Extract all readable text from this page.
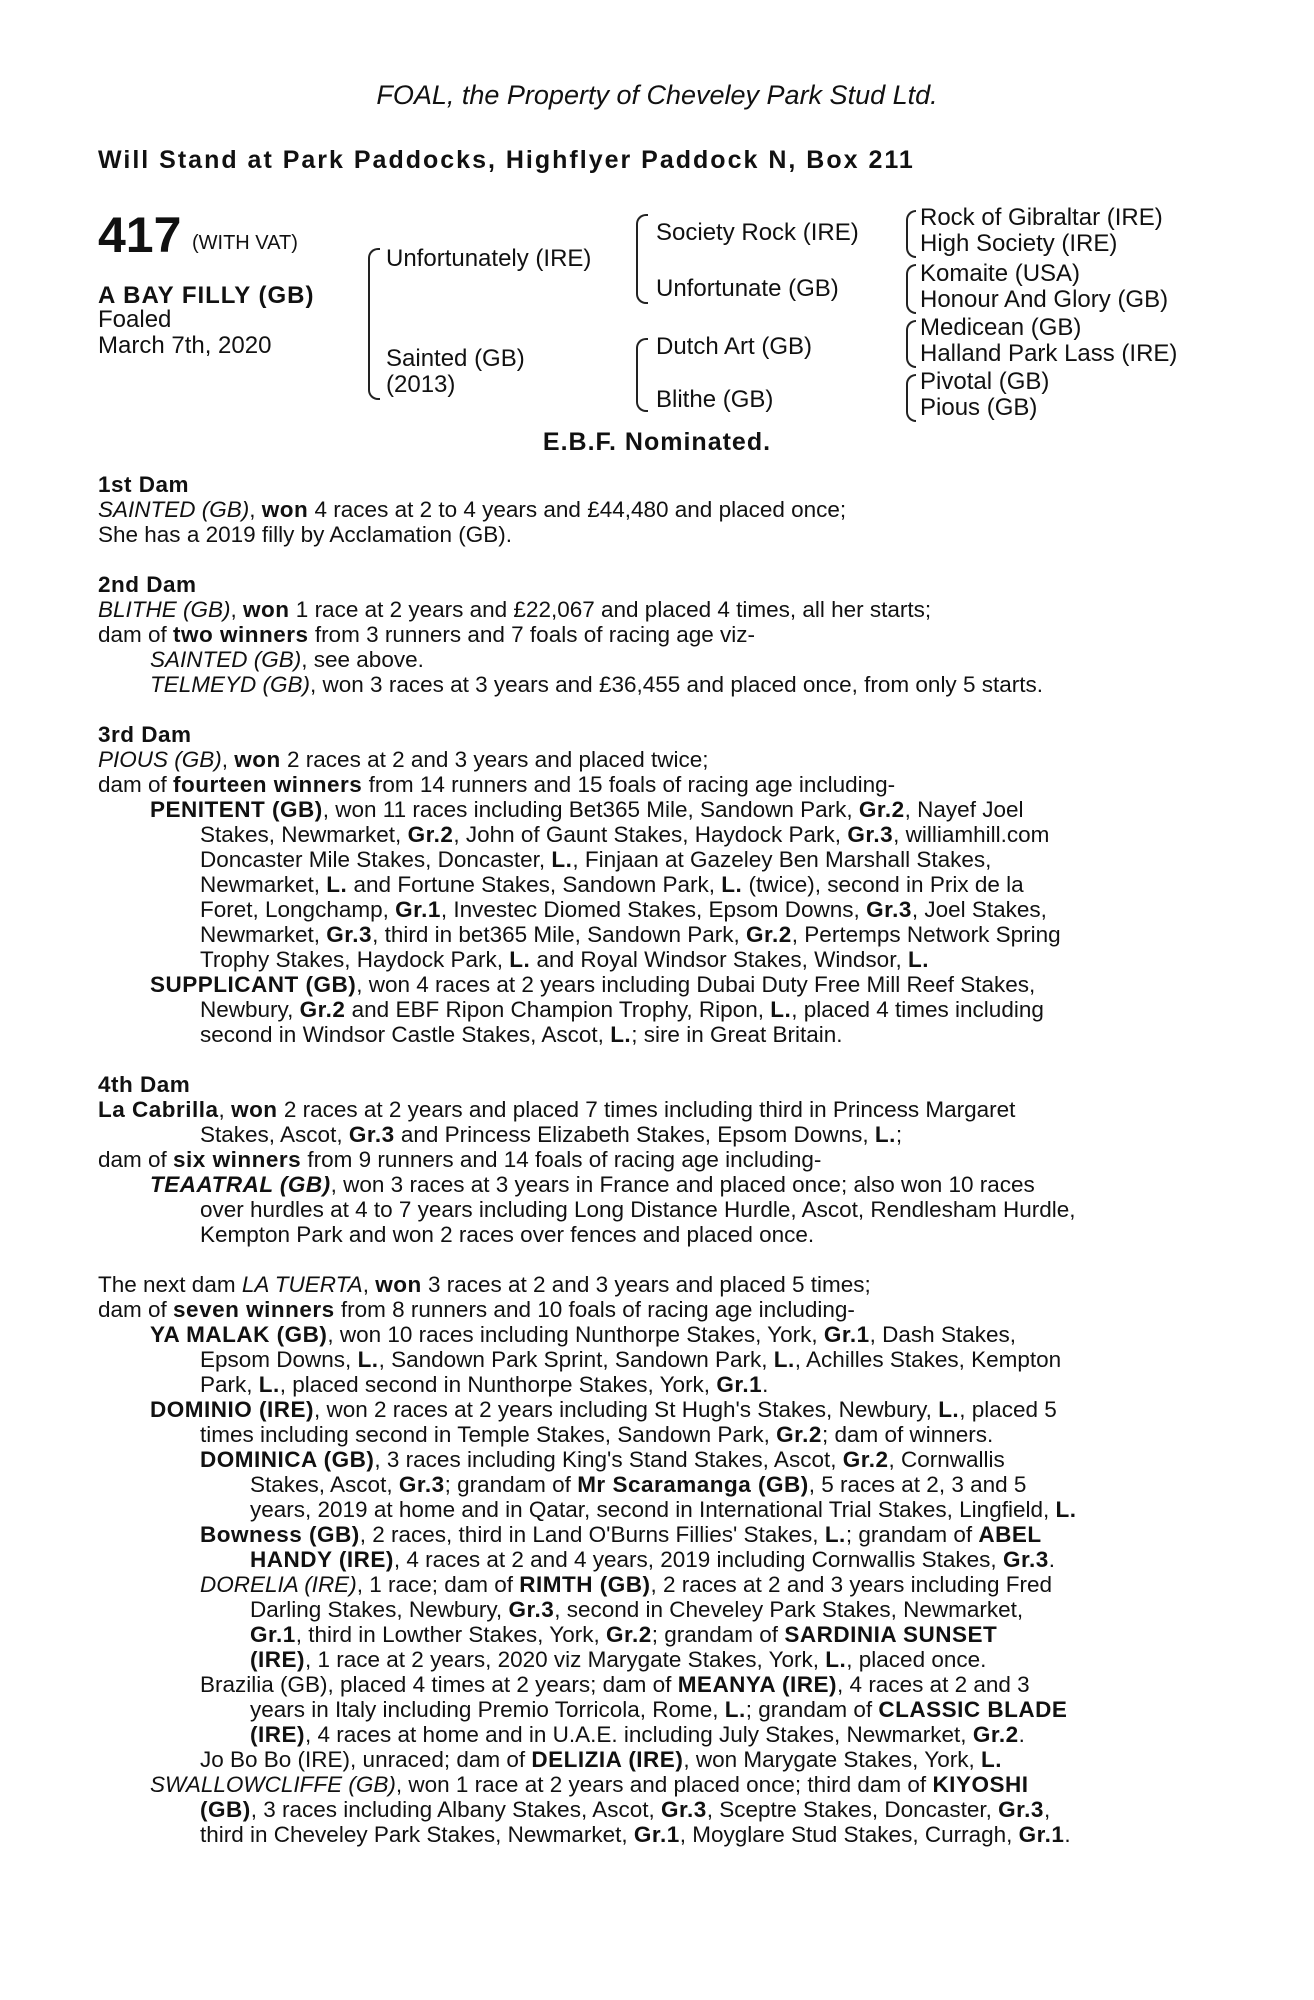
FOAL, the Property of Cheveley Park Stud Ltd.
Will Stand at Park Paddocks, Highflyer Paddock N, Box 211
417 (WITH VAT)
A BAY FILLY (GB)
Foaled
March 7th, 2020
Unfortunately (IRE)
Sainted (GB)
(2013)
Society Rock (IRE)
Unfortunate (GB)
Dutch Art (GB)
Blithe (GB)
Rock of Gibraltar (IRE)
High Society (IRE)
Komaite (USA)
Honour And Glory (GB)
Medicean (GB)
Halland Park Lass (IRE)
Pivotal (GB)
Pious (GB)
E.B.F. Nominated.
1st Dam
SAINTED (GB), won 4 races at 2 to 4 years and £44,480 and placed once;
She has a 2019 filly by Acclamation (GB).
2nd Dam
BLITHE (GB), won 1 race at 2 years and £22,067 and placed 4 times, all her starts;
dam of two winners from 3 runners and 7 foals of racing age viz-
SAINTED (GB), see above.
TELMEYD (GB), won 3 races at 3 years and £36,455 and placed once, from only 5 starts.
3rd Dam
PIOUS (GB), won 2 races at 2 and 3 years and placed twice;
dam of fourteen winners from 14 runners and 15 foals of racing age including-
PENITENT (GB), won 11 races including Bet365 Mile, Sandown Park, Gr.2, Nayef Joel
Stakes, Newmarket, Gr.2, John of Gaunt Stakes, Haydock Park, Gr.3, williamhill.com
Doncaster Mile Stakes, Doncaster, L., Finjaan at Gazeley Ben Marshall Stakes,
Newmarket, L. and Fortune Stakes, Sandown Park, L. (twice), second in Prix de la
Foret, Longchamp, Gr.1, Investec Diomed Stakes, Epsom Downs, Gr.3, Joel Stakes,
Newmarket, Gr.3, third in bet365 Mile, Sandown Park, Gr.2, Pertemps Network Spring
Trophy Stakes, Haydock Park, L. and Royal Windsor Stakes, Windsor, L.
SUPPLICANT (GB), won 4 races at 2 years including Dubai Duty Free Mill Reef Stakes,
Newbury, Gr.2 and EBF Ripon Champion Trophy, Ripon, L., placed 4 times including
second in Windsor Castle Stakes, Ascot, L.; sire in Great Britain.
4th Dam
La Cabrilla, won 2 races at 2 years and placed 7 times including third in Princess Margaret
Stakes, Ascot, Gr.3 and Princess Elizabeth Stakes, Epsom Downs, L.;
dam of six winners from 9 runners and 14 foals of racing age including-
TEAATRAL (GB), won 3 races at 3 years in France and placed once; also won 10 races
over hurdles at 4 to 7 years including Long Distance Hurdle, Ascot, Rendlesham Hurdle,
Kempton Park and won 2 races over fences and placed once.
The next dam LA TUERTA, won 3 races at 2 and 3 years and placed 5 times;
dam of seven winners from 8 runners and 10 foals of racing age including-
YA MALAK (GB), won 10 races including Nunthorpe Stakes, York, Gr.1, Dash Stakes,
Epsom Downs, L., Sandown Park Sprint, Sandown Park, L., Achilles Stakes, Kempton
Park, L., placed second in Nunthorpe Stakes, York, Gr.1.
DOMINIO (IRE), won 2 races at 2 years including St Hugh's Stakes, Newbury, L., placed 5
times including second in Temple Stakes, Sandown Park, Gr.2; dam of winners.
DOMINICA (GB), 3 races including King's Stand Stakes, Ascot, Gr.2, Cornwallis
Stakes, Ascot, Gr.3; grandam of Mr Scaramanga (GB), 5 races at 2, 3 and 5
years, 2019 at home and in Qatar, second in International Trial Stakes, Lingfield, L.
Bowness (GB), 2 races, third in Land O'Burns Fillies' Stakes, L.; grandam of ABEL
HANDY (IRE), 4 races at 2 and 4 years, 2019 including Cornwallis Stakes, Gr.3.
DORELIA (IRE), 1 race; dam of RIMTH (GB), 2 races at 2 and 3 years including Fred
Darling Stakes, Newbury, Gr.3, second in Cheveley Park Stakes, Newmarket,
Gr.1, third in Lowther Stakes, York, Gr.2; grandam of SARDINIA SUNSET
(IRE), 1 race at 2 years, 2020 viz Marygate Stakes, York, L., placed once.
Brazilia (GB), placed 4 times at 2 years; dam of MEANYA (IRE), 4 races at 2 and 3
years in Italy including Premio Torricola, Rome, L.; grandam of CLASSIC BLADE
(IRE), 4 races at home and in U.A.E. including July Stakes, Newmarket, Gr.2.
Jo Bo Bo (IRE), unraced; dam of DELIZIA (IRE), won Marygate Stakes, York, L.
SWALLOWCLIFFE (GB), won 1 race at 2 years and placed once; third dam of KIYOSHI
(GB), 3 races including Albany Stakes, Ascot, Gr.3, Sceptre Stakes, Doncaster, Gr.3,
third in Cheveley Park Stakes, Newmarket, Gr.1, Moyglare Stud Stakes, Curragh, Gr.1.
